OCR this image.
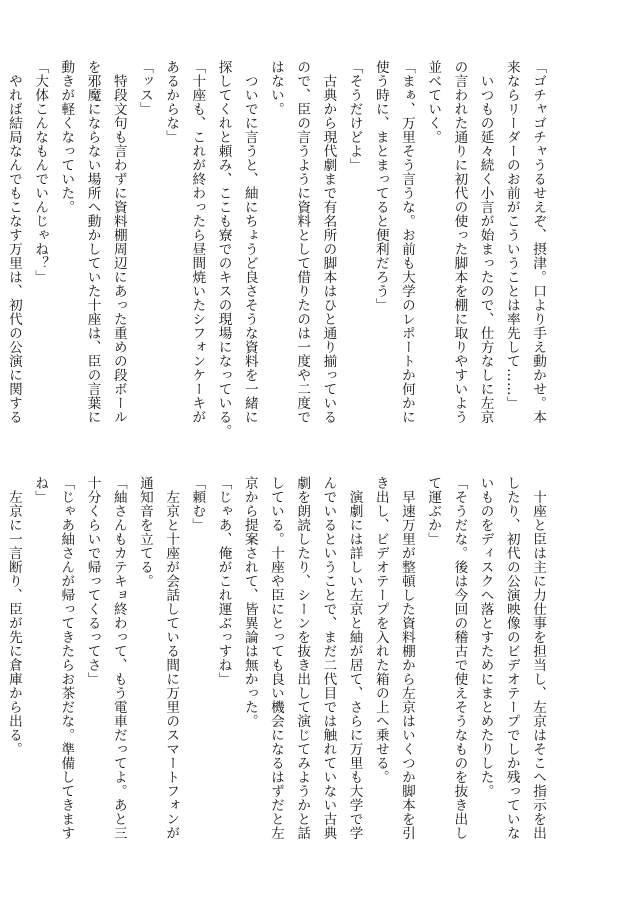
「ゴチャゴチャうるせえぞ、摂津。口より手え動かせ。本
来ならリーダーのお前がこういうことは率先して……」
　いつもの延々続く小言が始まったので、仕方なしに左京
の言われた通りに初代の使った脚本を棚に取りやすいよう
並べていく。
「まぁ、万里そう言うな。お前も大学のレポートか何かに
使う時に、まとまってると便利だろう」
「そうだけどよ」
　古典から現代劇まで有名所の脚本はひと通り揃っている
ので、臣の言うように資料として借りたのは一度や二度で
はない。
　ついでに言うと、紬にちょうど良さそうな資料を一緒に
探してくれと頼み、ここも寮でのキスの現場になっている。
「十座も、これが終わったら昼間焼いたシフォンケーキが
あるからな」
「ッス」
　特段文句も言わずに資料棚周辺にあった重めの段ボール
を邪魔にならない場所へ動かしていた十座は、臣の言葉に
動きが軽くなっていた。
「大体こんなもんでいんじゃね？」
　やれば結局なんでもこなす万里は、初代の公演に関する
　十座と臣は主に力仕事を担当し、左京はそこへ指示を出
したり、初代の公演映像のビデオテープでしか残っていな
いものをディスクへ落とすためにまとめたりした。
「そうだな。後は今回の稽古で使えそうなものを抜き出し
て運ぶか」
　早速万里が整頓した資料棚から左京はいくつか脚本を引
き出し、ビデオテープを入れた箱の上へ乗せる。
　演劇には詳しい左京と紬が居て、さらに万里も大学で学
んでいるということで、まだ二代目では触れていない古典
劇を朗読したり、シーンを抜き出して演じてみようかと話
している。十座や臣にとっても良い機会になるはずだと左
京から提案されて、皆異論は無かった。
「じゃあ、俺がこれ運ぶっすね」
「頼む」
　左京と十座が会話している間に万里のスマートフォンが
通知音を立てる。
「紬さんもカテキョ終わって、もう電車だってよ。あと三
十分くらいで帰ってくるってさ」
「じゃあ紬さんが帰ってきたらお茶だな。準備してきます
ね」
　左京に一言断り、臣が先に倉庫から出る。
